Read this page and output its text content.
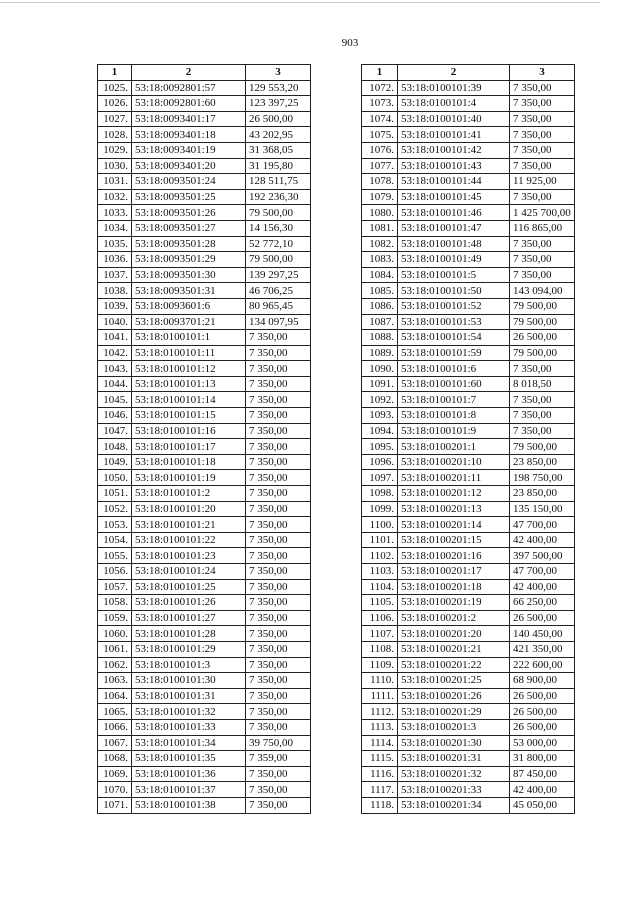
903
1	2	3
1025.	53:18:0092801:57	129 553,20
1026.	53:18:0092801:60	123 397,25
1027.	53:18:0093401:17	26 500,00
1028.	53:18:0093401:18	43 202,95
1029.	53:18:0093401:19	31 368,05
1030.	53:18:0093401:20	31 195,80
1031.	53:18:0093501:24	128 511,75
1032.	53:18:0093501:25	192 236,30
1033.	53:18:0093501:26	79 500,00
1034.	53:18:0093501:27	14 156,30
1035.	53:18:0093501:28	52 772,10
1036.	53:18:0093501:29	79 500,00
1037.	53:18:0093501:30	139 297,25
1038.	53:18:0093501:31	46 706,25
1039.	53:18:0093601:6	80 965,45
1040.	53:18:0093701:21	134 097,95
1041.	53:18:0100101:1	7 350,00
1042.	53:18:0100101:11	7 350,00
1043.	53:18:0100101:12	7 350,00
1044.	53:18:0100101:13	7 350,00
1045.	53:18:0100101:14	7 350,00
1046.	53:18:0100101:15	7 350,00
1047.	53:18:0100101:16	7 350,00
1048.	53:18:0100101:17	7 350,00
1049.	53:18:0100101:18	7 350,00
1050.	53:18:0100101:19	7 350,00
1051.	53:18:0100101:2	7 350,00
1052.	53:18:0100101:20	7 350,00
1053.	53:18:0100101:21	7 350,00
1054.	53:18:0100101:22	7 350,00
1055.	53:18:0100101:23	7 350,00
1056.	53:18:0100101:24	7 350,00
1057.	53:18:0100101:25	7 350,00
1058.	53:18:0100101:26	7 350,00
1059.	53:18:0100101:27	7 350,00
1060.	53:18:0100101:28	7 350,00
1061.	53:18:0100101:29	7 350,00
1062.	53:18:0100101:3	7 350,00
1063.	53:18:0100101:30	7 350,00
1064.	53:18:0100101:31	7 350,00
1065.	53:18:0100101:32	7 350,00
1066.	53:18:0100101:33	7 350,00
1067.	53:18:0100101:34	39 750,00
1068.	53:18:0100101:35	7 359,00
1069.	53:18:0100101:36	7 350,00
1070.	53:18:0100101:37	7 350,00
1071.	53:18:0100101:38	7 350,00
1	2	3
1072.	53:18:0100101:39	7 350,00
1073.	53:18:0100101:4	7 350,00
1074.	53:18:0100101:40	7 350,00
1075.	53:18:0100101:41	7 350,00
1076.	53:18:0100101:42	7 350,00
1077.	53:18:0100101:43	7 350,00
1078.	53:18:0100101:44	11 925,00
1079.	53:18:0100101:45	7 350,00
1080.	53:18:0100101:46	1 425 700,00
1081.	53:18:0100101:47	116 865,00
1082.	53:18:0100101:48	7 350,00
1083.	53:18:0100101:49	7 350,00
1084.	53:18:0100101:5	7 350,00
1085.	53:18:0100101:50	143 094,00
1086.	53:18:0100101:52	79 500,00
1087.	53:18:0100101:53	79 500,00
1088.	53:18:0100101:54	26 500,00
1089.	53:18:0100101:59	79 500,00
1090.	53:18:0100101:6	7 350,00
1091.	53:18:0100101:60	8 018,50
1092.	53:18:0100101:7	7 350,00
1093.	53:18:0100101:8	7 350,00
1094.	53:18:0100101:9	7 350,00
1095.	53:18:0100201:1	79 500,00
1096.	53:18:0100201:10	23 850,00
1097.	53:18:0100201:11	198 750,00
1098.	53:18:0100201:12	23 850,00
1099.	53:18:0100201:13	135 150,00
1100.	53:18:0100201:14	47 700,00
1101.	53:18:0100201:15	42 400,00
1102.	53:18:0100201:16	397 500,00
1103.	53:18:0100201:17	47 700,00
1104.	53:18:0100201:18	42 400,00
1105.	53:18:0100201:19	66 250,00
1106.	53:18:0100201:2	26 500,00
1107.	53:18:0100201:20	140 450,00
1108.	53:18:0100201:21	421 350,00
1109.	53:18:0100201:22	222 600,00
1110.	53:18:0100201:25	68 900,00
1111.	53:18:0100201:26	26 500,00
1112.	53:18:0100201:29	26 500,00
1113.	53:18:0100201:3	26 500,00
1114.	53:18:0100201:30	53 000,00
1115.	53:18:0100201:31	31 800,00
1116.	53:18:0100201:32	87 450,00
1117.	53:18:0100201:33	42 400,00
1118.	53:18:0100201:34	45 050,00
